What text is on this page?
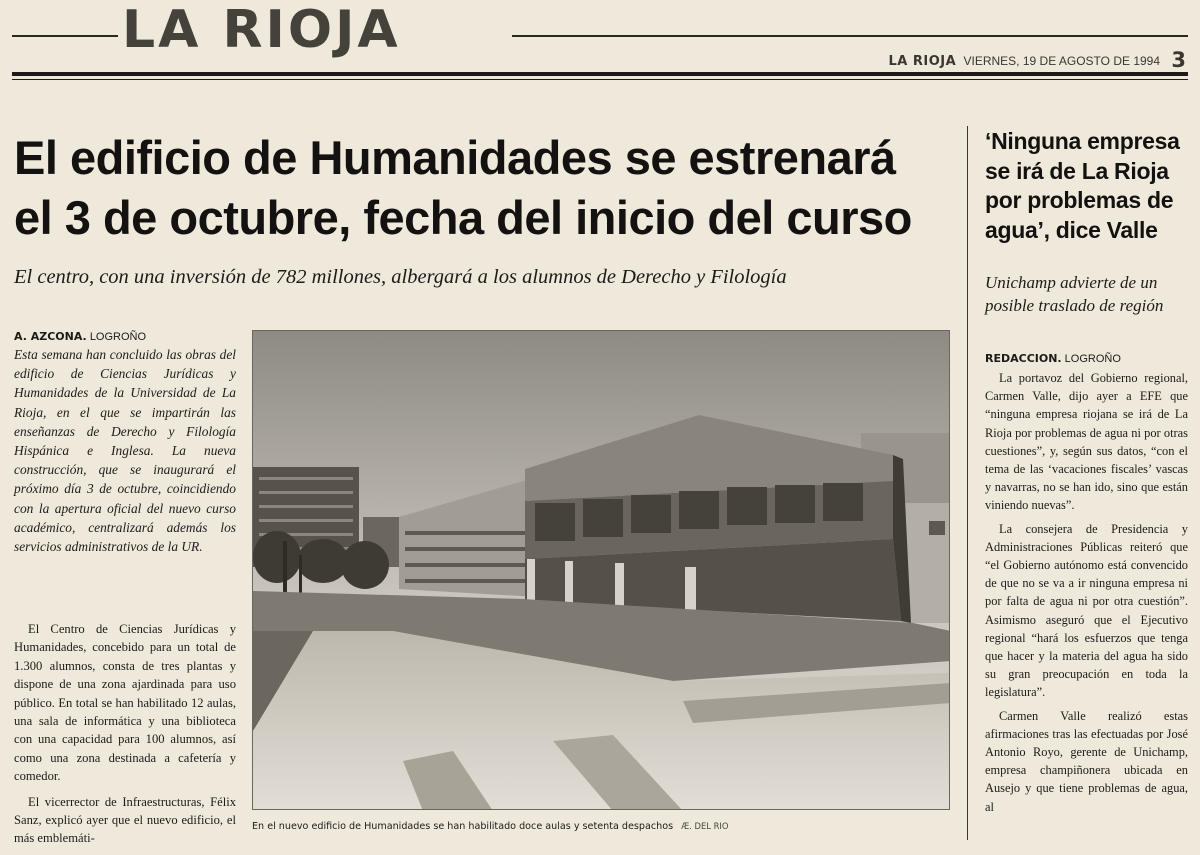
LA RIOJA
LA RIOJA VIERNES, 19 DE AGOSTO DE 1994 3
El edificio de Humanidades se estrenará
el 3 de octubre, fecha del inicio del curso

El centro, con una inversión de 782 millones, albergará a los alumnos de Derecho y Filología

A. AZCONA. LOGROÑO

Esta semana han concluido las obras del edificio de Ciencias Jurídicas y Humanidades de la Universidad de La Rioja, en el que se impartirán las enseñanzas de Derecho y Filología Hispánica e Inglesa. La nueva construcción, que se inaugurará el próximo día 3 de octubre, coincidiendo con la apertura oficial del nuevo curso académico, centralizará además los servicios administrativos de la UR.

El Centro de Ciencias Jurídicas y Humanidades, concebido para un total de 1.300 alumnos, consta de tres plantas y dispone de una zona ajardinada para uso público. En total se han habilitado 12 aulas, una sala de informática y una biblioteca con una capacidad para 100 alumnos, así como una zona destinada a cafetería y comedor.

El vicerrector de Infraestructuras, Félix Sanz, explicó ayer que el nuevo edificio, el más emblemáti-

En el nuevo edificio de Humanidades se han habilitado doce aulas y setenta despachos Æ. DEL RIO
‘Ninguna empresa
se irá de La Rioja
por problemas de
agua’, dice Valle

Unichamp advierte de un
posible traslado de región

REDACCION. LOGROÑO

La portavoz del Gobierno regional, Carmen Valle, dijo ayer a EFE que “ninguna empresa riojana se irá de La Rioja por problemas de agua ni por otras cuestiones”, y, según sus datos, “con el tema de las ‘vacaciones fiscales’ vascas y navarras, no se han ido, sino que están viniendo nuevas”.

La consejera de Presidencia y Administraciones Públicas reiteró que “el Gobierno autónomo está convencido de que no se va a ir ninguna empresa ni por falta de agua ni por otra cuestión”. Asimismo aseguró que el Ejecutivo regional “hará los esfuerzos que tenga que hacer y la materia del agua ha sido su gran preocupación en toda la legislatura”.

Carmen Valle realizó estas afirmaciones tras las efectuadas por José Antonio Royo, gerente de Unichamp, empresa champiñonera ubicada en Ausejo y que tiene problemas de agua, al
